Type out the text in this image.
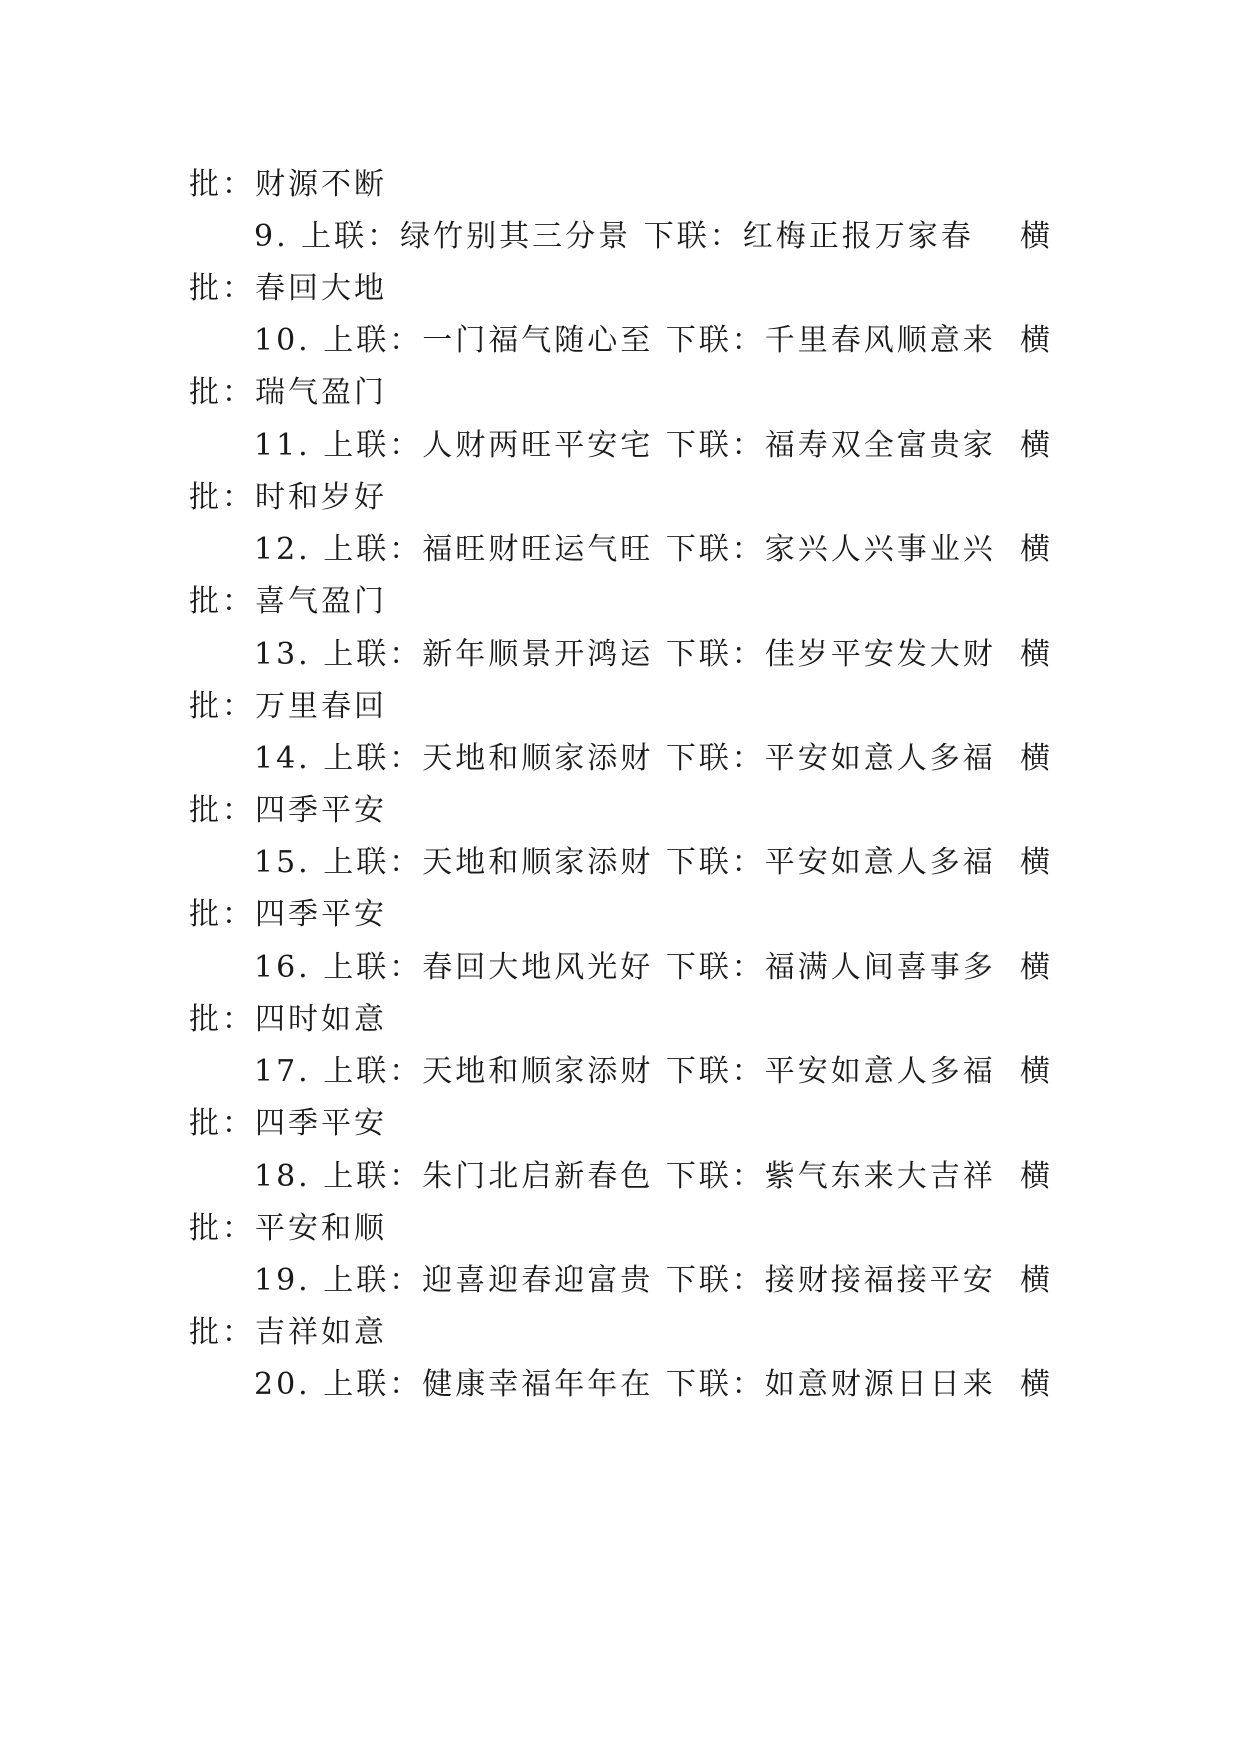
批：财源不断
9. 上联：绿竹别其三分景 下联：红梅正报万家春 横
批：春回大地
10. 上联：一门福气随心至 下联：千里春风顺意来 横
批：瑞气盈门
11. 上联：人财两旺平安宅 下联：福寿双全富贵家 横
批：时和岁好
12. 上联：福旺财旺运气旺 下联：家兴人兴事业兴 横
批：喜气盈门
13. 上联：新年顺景开鸿运 下联：佳岁平安发大财 横
批：万里春回
14. 上联：天地和顺家添财 下联：平安如意人多福 横
批：四季平安
15. 上联：天地和顺家添财 下联：平安如意人多福 横
批：四季平安
16. 上联：春回大地风光好 下联：福满人间喜事多 横
批：四时如意
17. 上联：天地和顺家添财 下联：平安如意人多福 横
批：四季平安
18. 上联：朱门北启新春色 下联：紫气东来大吉祥 横
批：平安和顺
19. 上联：迎喜迎春迎富贵 下联：接财接福接平安 横
批：吉祥如意
20. 上联：健康幸福年年在 下联：如意财源日日来 横
